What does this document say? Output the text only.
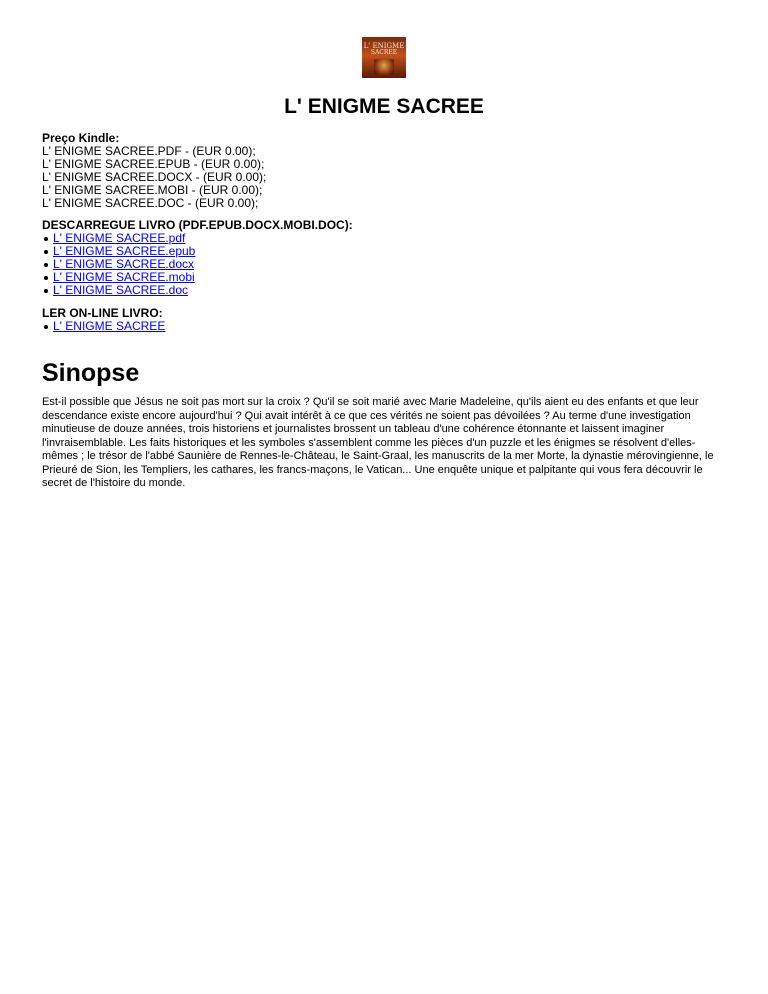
L' ENIGME
SACREE
L' ENIGME SACREE
Preço Kindle:
L' ENIGME SACREE.PDF - (EUR 0.00);
L' ENIGME SACREE.EPUB - (EUR 0.00);
L' ENIGME SACREE.DOCX - (EUR 0.00);
L' ENIGME SACREE.MOBI - (EUR 0.00);
L' ENIGME SACREE.DOC - (EUR 0.00);
DESCARREGUE LIVRO (PDF.EPUB.DOCX.MOBI.DOC):
L' ENIGME SACREE.pdf
L' ENIGME SACREE.epub
L' ENIGME SACREE.docx
L' ENIGME SACREE.mobi
L' ENIGME SACREE.doc
LER ON-LINE LIVRO:
L' ENIGME SACREE
Sinopse

Est-il possible que Jésus ne soit pas mort sur la croix ? Qu'il se soit marié avec Marie Madeleine, qu'ils aient eu des enfants et que leur descendance existe encore aujourd'hui ? Qui avait intérêt à ce que ces vérités ne soient pas dévoilées ? Au terme d'une investigation minutieuse de douze années, trois historiens et journalistes brossent un tableau d'une cohérence étonnante et laissent imaginer l'invraisemblable. Les faits historiques et les symboles s'assemblent comme les pièces d'un puzzle et les énigmes se résolvent d'elles-mêmes ; le trésor de l'abbé Saunière de Rennes-le-Château, le Saint-Graal, les manuscrits de la mer Morte, la dynastie mérovingienne, le Prieuré de Sion, les Templiers, les cathares, les francs-maçons, le Vatican... Une enquête unique et palpitante qui vous fera découvrir le secret de l'histoire du monde.
